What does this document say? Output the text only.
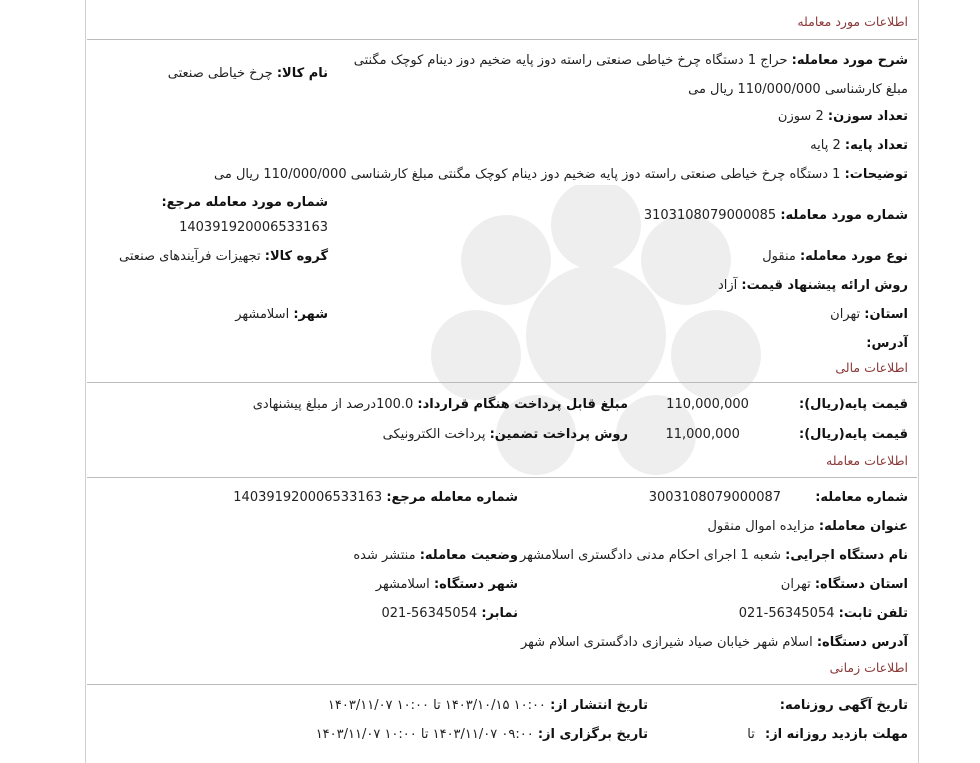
اطلاعات مورد معامله
شرح مورد معامله: حراج 1 دستگاه چرخ خیاطی صنعتی راسته دوز پایه ضخیم دوز دینام کوچک مگنتی مبلغ کارشناسی 110/000/000 ریال می
نام کالا: چرخ خیاطی صنعتی
تعداد سوزن: 2 سوزن
تعداد پایه: 2 پایه
توضیحات: 1 دستگاه چرخ خیاطی صنعتی راسته دوز پایه ضخیم دوز دینام کوچک مگنتی مبلغ کارشناسی 110/000/000 ریال می
شماره مورد معامله مرجع:
140391920006533163
شماره مورد معامله: 3103108079000085
گروه کالا: تجهیزات فرآیندهای صنعتی	نوع مورد معامله: منقول
روش ارائه پیشنهاد قیمت: آزاد
شهر: اسلامشهر	استان: تهران
آدرس:
اطلاعات مالی
قیمت پایه(ریال): 110,000,000
مبلغ قابل پرداخت هنگام قرارداد: 100.0درصد از مبلغ پیشنهادی
قیمت پایه(ریال): 11,000,000
روش پرداخت تضمین: پرداخت الکترونیکی
اطلاعات معامله
شماره معامله: 3003108079000087
شماره معامله مرجع: 140391920006533163
عنوان معامله: مزایده اموال منقول
نام دستگاه اجرایی: شعبه 1 اجرای احکام مدنی دادگستری اسلامشهر
وضعیت معامله: منتشر شده
استان دستگاه: تهران
شهر دستگاه: اسلامشهر
تلفن ثابت: 56345054-021
نمابر: 56345054-021
آدرس دستگاه: اسلام شهر خیابان صیاد شیرازی دادگستری اسلام شهر
اطلاعات زمانی
تاریخ آگهی روزنامه:
تاریخ انتشار از: ۱۰:۰۰ ۱۴۰۳/۱۰/۱۵ تا ۱۰:۰۰ ۱۴۰۳/۱۱/۰۷
مهلت بازدید روزانه از: تا
تاریخ برگزاری از: ۰۹:۰۰ ۱۴۰۳/۱۱/۰۷ تا ۱۰:۰۰ ۱۴۰۳/۱۱/۰۷
